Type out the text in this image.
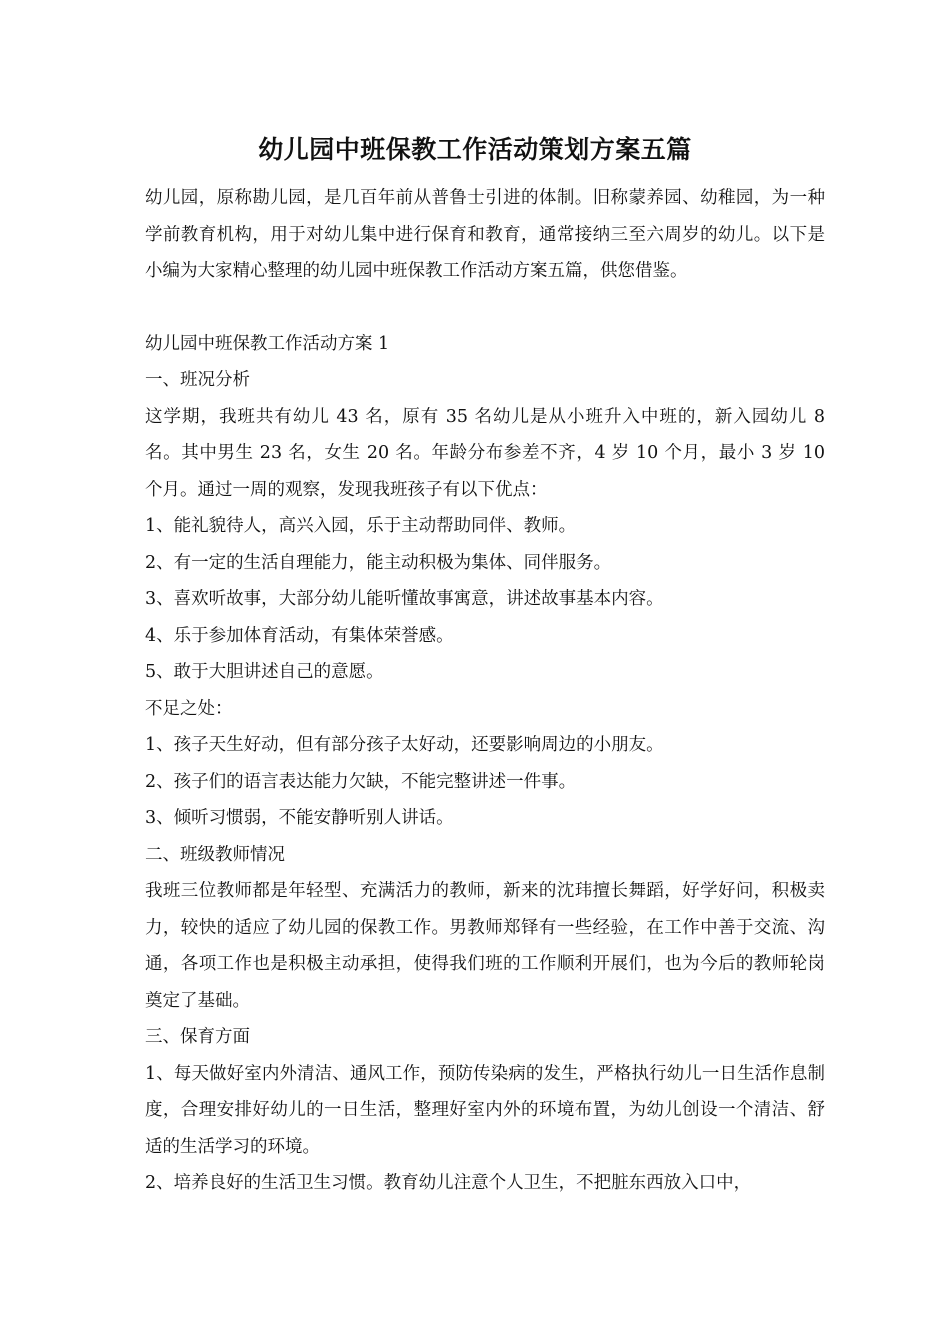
幼儿园中班保教工作活动策划方案五篇

幼儿园，原称勘儿园，是几百年前从普鲁士引进的体制。旧称蒙养园、幼稚园，为一种学前教育机构，用于对幼儿集中进行保育和教育，通常接纳三至六周岁的幼儿。以下是小编为大家精心整理的幼儿园中班保教工作活动方案五篇，供您借鉴。

幼儿园中班保教工作活动方案 1

一、班况分析

这学期，我班共有幼儿 43 名，原有 35 名幼儿是从小班升入中班的，新入园幼儿 8 名。其中男生 23 名，女生 20 名。年龄分布参差不齐，4 岁 10 个月，最小 3 岁 10 个月。通过一周的观察，发现我班孩子有以下优点：

1、能礼貌待人，高兴入园，乐于主动帮助同伴、教师。

2、有一定的生活自理能力，能主动积极为集体、同伴服务。

3、喜欢听故事，大部分幼儿能听懂故事寓意，讲述故事基本内容。

4、乐于参加体育活动，有集体荣誉感。

5、敢于大胆讲述自己的意愿。

不足之处：

1、孩子天生好动，但有部分孩子太好动，还要影响周边的小朋友。

2、孩子们的语言表达能力欠缺，不能完整讲述一件事。

3、倾听习惯弱，不能安静听别人讲话。

二、班级教师情况

我班三位教师都是年轻型、充满活力的教师，新来的沈玮擅长舞蹈，好学好问，积极卖力，较快的适应了幼儿园的保教工作。男教师郑铎有一些经验，在工作中善于交流、沟通，各项工作也是积极主动承担，使得我们班的工作顺利开展们，也为今后的教师轮岗奠定了基础。

三、保育方面

1、每天做好室内外清洁、通风工作，预防传染病的发生，严格执行幼儿一日生活作息制度，合理安排好幼儿的一日生活，整理好室内外的环境布置，为幼儿创设一个清洁、舒适的生活学习的环境。

2、培养良好的生活卫生习惯。教育幼儿注意个人卫生，不把脏东西放入口中，
